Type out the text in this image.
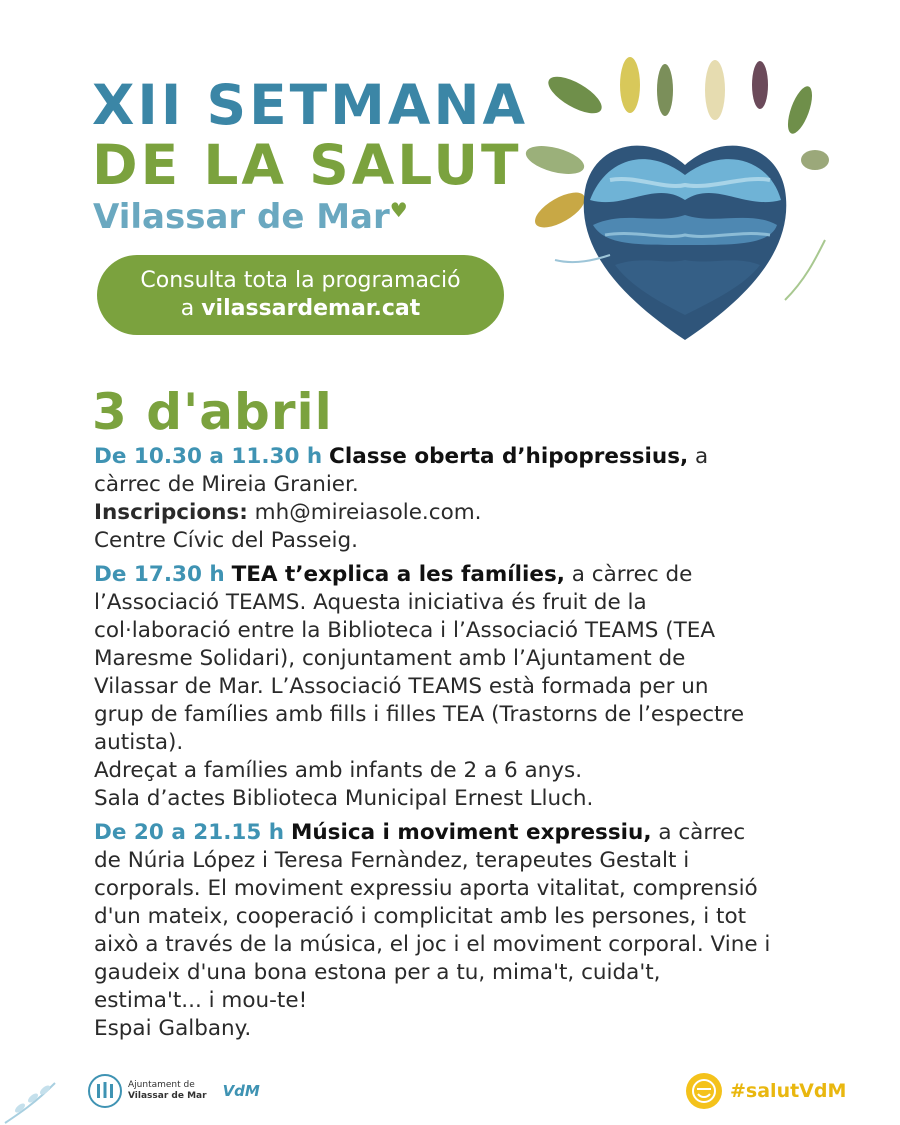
XII SETMANA
DE LA SALUT
Vilassar de Mar♥
Consulta tota la programació
a vilassardemar.cat
3 d'abril
De 10.30 a 11.30 h Classe oberta d’hipopressius, a
càrrec de Mireia Granier.
Inscripcions: mh@mireiasole.com.
Centre Cívic del Passeig.
De 17.30 h TEA t’explica a les famílies, a càrrec de
l’Associació TEAMS. Aquesta iniciativa és fruit de la
col·laboració entre la Biblioteca i l’Associació TEAMS (TEA
Maresme Solidari), conjuntament amb l’Ajuntament de
Vilassar de Mar. L’Associació TEAMS està formada per un
grup de famílies amb fills i filles TEA (Trastorns de l’espectre
autista).
Adreçat a famílies amb infants de 2 a 6 anys.
Sala d’actes Biblioteca Municipal Ernest Lluch.
De 20 a 21.15 h Música i moviment expressiu, a càrrec
de Núria López i Teresa Fernàndez, terapeutes Gestalt i
corporals. El moviment expressiu aporta vitalitat, comprensió
d'un mateix, cooperació i complicitat amb les persones, i tot
això a través de la música, el joc i el moviment corporal. Vine i
gaudeix d'una bona estona per a tu, mima't, cuida't,
estima't... i mou-te!
Espai Galbany.
Ajuntament de
Vilassar de Mar VdM	#salutVdM
